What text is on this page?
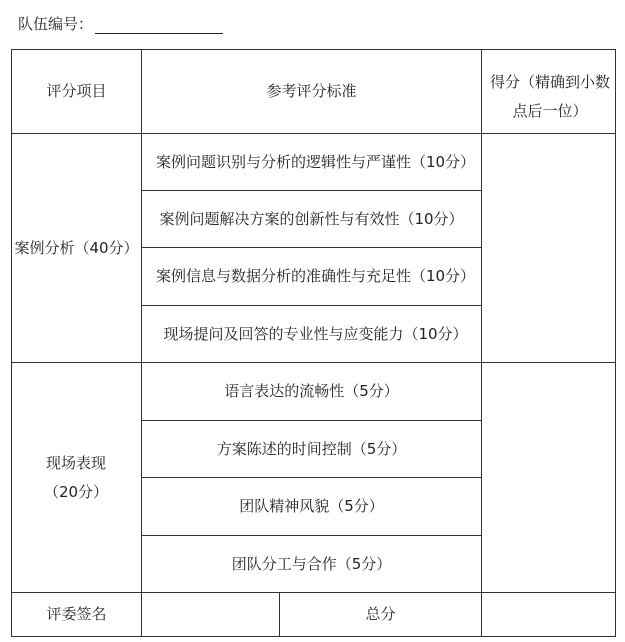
队伍编号：
评分项目	参考评分标准
得分（精确到小数点后一位）
案例分析（40分）
案例问题识别与分析的逻辑性与严谨性（10分）
案例问题解决方案的创新性与有效性（10分）
案例信息与数据分析的准确性与充足性（10分）
现场提问及回答的专业性与应变能力（10分）
现场表现（20分）
语言表达的流畅性（5分）
方案陈述的时间控制（5分）
团队精神风貌（5分）
团队分工与合作（5分）
评委签名	总分
